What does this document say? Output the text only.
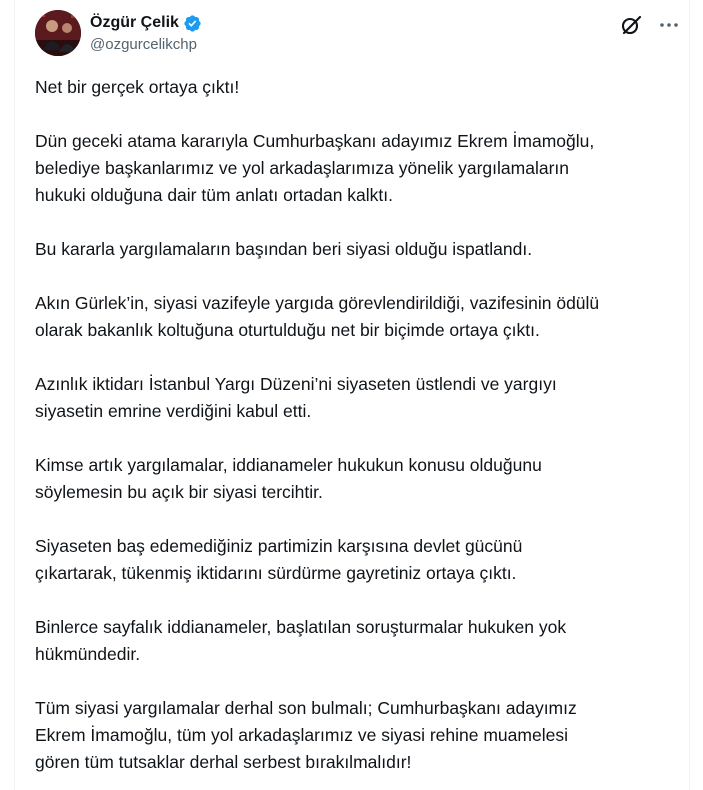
Özgür Çelik
@ozgurcelikchp

Net bir gerçek ortaya çıktı!

Dün geceki atama kararıyla Cumhurbaşkanı adayımız Ekrem İmamoğlu,
belediye başkanlarımız ve yol arkadaşlarımıza yönelik yargılamaların
hukuki olduğuna dair tüm anlatı ortadan kalktı.

Bu kararla yargılamaların başından beri siyasi olduğu ispatlandı.

Akın Gürlek’in, siyasi vazifeyle yargıda görevlendirildiği, vazifesinin ödülü
olarak bakanlık koltuğuna oturtulduğu net bir biçimde ortaya çıktı.

Azınlık iktidarı İstanbul Yargı Düzeni’ni siyaseten üstlendi ve yargıyı
siyasetin emrine verdiğini kabul etti.

Kimse artık yargılamalar, iddianameler hukukun konusu olduğunu
söylemesin bu açık bir siyasi tercihtir.

Siyaseten baş edemediğiniz partimizin karşısına devlet gücünü
çıkartarak, tükenmiş iktidarını sürdürme gayretiniz ortaya çıktı.

Binlerce sayfalık iddianameler, başlatılan soruşturmalar hukuken yok
hükmündedir.

Tüm siyasi yargılamalar derhal son bulmalı; Cumhurbaşkanı adayımız
Ekrem İmamoğlu, tüm yol arkadaşlarımız ve siyasi rehine muamelesi
gören tüm tutsaklar derhal serbest bırakılmalıdır!
